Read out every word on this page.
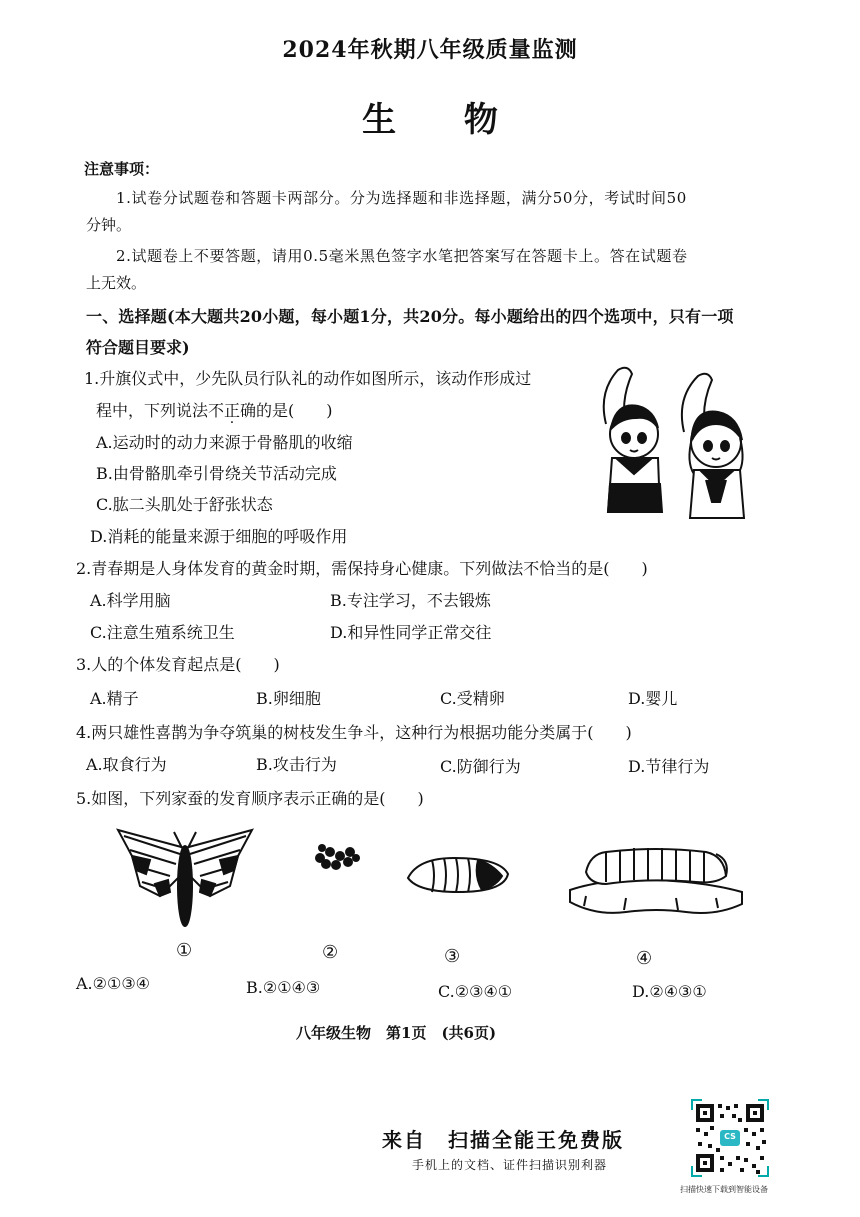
2024年秋期八年级质量监测
生 物
注意事项：
1.试卷分试题卷和答题卡两部分。分为选择题和非选择题，满分50分，考试时间50
分钟。
2.试题卷上不要答题，请用0.5毫米黑色签字水笔把答案写在答题卡上。答在试题卷
上无效。
一、选择题(本大题共20小题，每小题1分，共20分。每小题给出的四个选项中，只有一项
符合题目要求)
1.升旗仪式中，少先队员行队礼的动作如图所示，该动作形成过
程中，下列说法不正确的是(　　)
A.运动时的动力来源于骨骼肌的收缩
B.由骨骼肌牵引骨绕关节活动完成
C.肱二头肌处于舒张状态
D.消耗的能量来源于细胞的呼吸作用
2.青春期是人身体发育的黄金时期，需保持身心健康。下列做法不恰当的是(　　)
A.科学用脑	B.专注学习，不去锻炼
C.注意生殖系统卫生	D.和异性同学正常交往
3.人的个体发育起点是(　　)
A.精子	B.卵细胞	C.受精卵	D.婴儿
4.两只雄性喜鹊为争夺筑巢的树枝发生争斗，这种行为根据功能分类属于(　　)
A.取食行为	B.攻击行为	C.防御行为	D.节律行为
5.如图，下列家蚕的发育顺序表示正确的是(　　)
①	②	③	④
A.②①③④	B.②①④③	C.②③④①	D.②④③①
八年级生物　第1页　(共6页)
来自　扫描全能王免费版
手机上的文档、证件扫描识别利器
CS
扫描快速下载到智能设备
